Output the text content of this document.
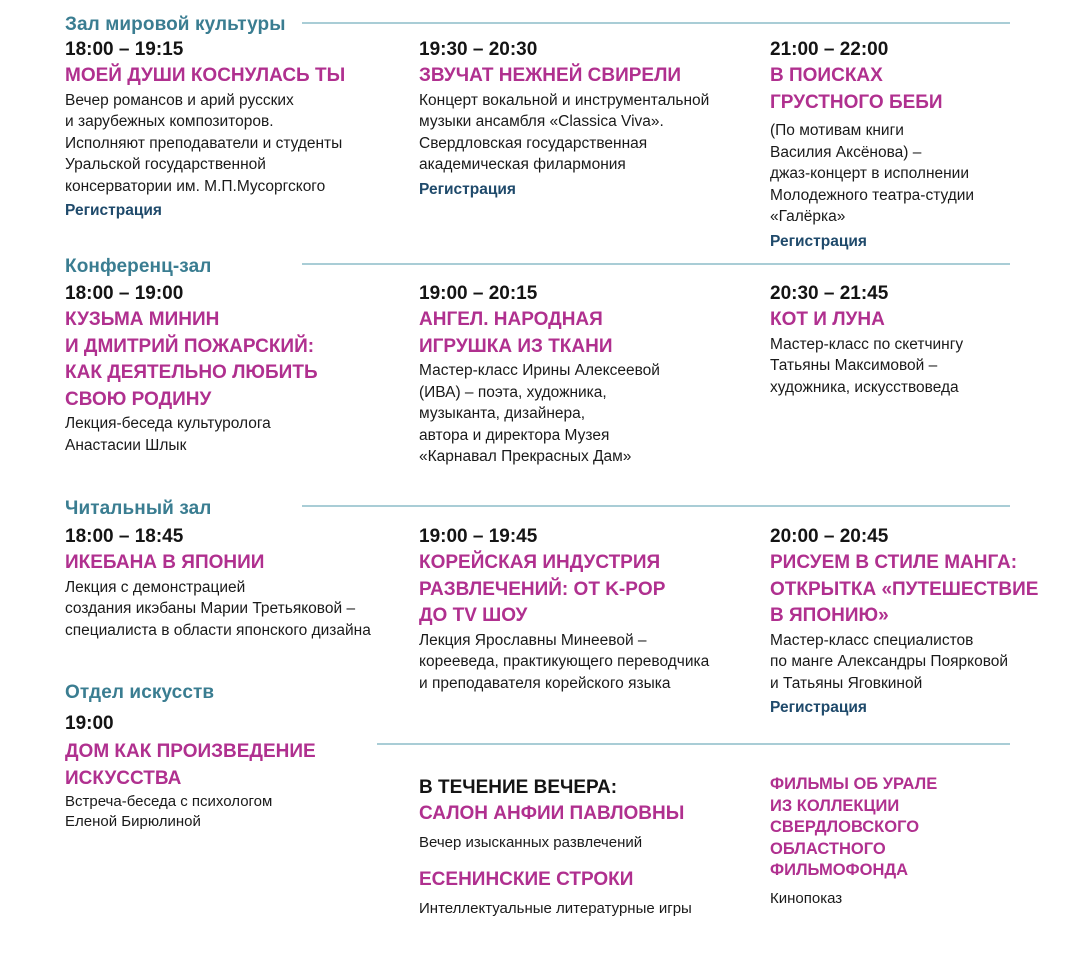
Зал мировой культуры
18:00 – 19:15
МОЕЙ ДУШИ КОСНУЛАСЬ ТЫ
Вечер романсов и арий русских
и зарубежных композиторов.
Исполняют преподаватели и студенты
Уральской государственной
консерватории им. М.П.Мусоргского
Регистрация
19:30 – 20:30
ЗВУЧАТ НЕЖНЕЙ СВИРЕЛИ
Концерт вокальной и инструментальной
музыки ансамбля «Classica Viva».
Свердловская государственная
академическая филармония
Регистрация
21:00 – 22:00
В ПОИСКАХ
ГРУСТНОГО БЕБИ
(По мотивам книги
Василия Аксёнова) –
джаз-концерт в исполнении
Молодежного театра-студии
«Галёрка»
Регистрация
Конференц-зал
18:00 – 19:00
КУЗЬМА МИНИН
И ДМИТРИЙ ПОЖАРСКИЙ:
КАК ДЕЯТЕЛЬНО ЛЮБИТЬ
СВОЮ РОДИНУ
Лекция-беседа культуролога
Анастасии Шлык
19:00 – 20:15
АНГЕЛ. НАРОДНАЯ
ИГРУШКА ИЗ ТКАНИ
Мастер-класс Ирины Алексеевой
(ИВА) – поэта, художника,
музыканта, дизайнера,
автора и директора Музея
«Карнавал Прекрасных Дам»
20:30 – 21:45
КОТ И ЛУНА
Мастер-класс по скетчингу
Татьяны Максимовой –
художника, искусствоведа
Читальный зал
18:00 – 18:45
ИКЕБАНА В ЯПОНИИ
Лекция с демонстрацией
создания икэбаны Марии Третьяковой –
специалиста в области японского дизайна
19:00 – 19:45
КОРЕЙСКАЯ ИНДУСТРИЯ
РАЗВЛЕЧЕНИЙ: ОТ K-POP
ДО TV ШОУ
Лекция Ярославны Минеевой –
корееведа, практикующего переводчика
и преподавателя корейского языка
20:00 – 20:45
РИСУЕМ В СТИЛЕ МАНГА:
ОТКРЫТКА «ПУТЕШЕСТВИЕ
В ЯПОНИЮ»
Мастер-класс специалистов
по манге Александры Поярковой
и Татьяны Яговкиной
Регистрация
Отдел искусств
19:00
ДОМ КАК ПРОИЗВЕДЕНИЕ
ИСКУССТВА
Встреча-беседа с психологом
Еленой Бирюлиной
В ТЕЧЕНИЕ ВЕЧЕРА:
САЛОН АНФИИ ПАВЛОВНЫ
Вечер изысканных развлечений
ЕСЕНИНСКИЕ СТРОКИ
Интеллектуальные литературные игры
ФИЛЬМЫ ОБ УРАЛЕ
ИЗ КОЛЛЕКЦИИ
СВЕРДЛОВСКОГО
ОБЛАСТНОГО
ФИЛЬМОФОНДА
Кинопоказ
